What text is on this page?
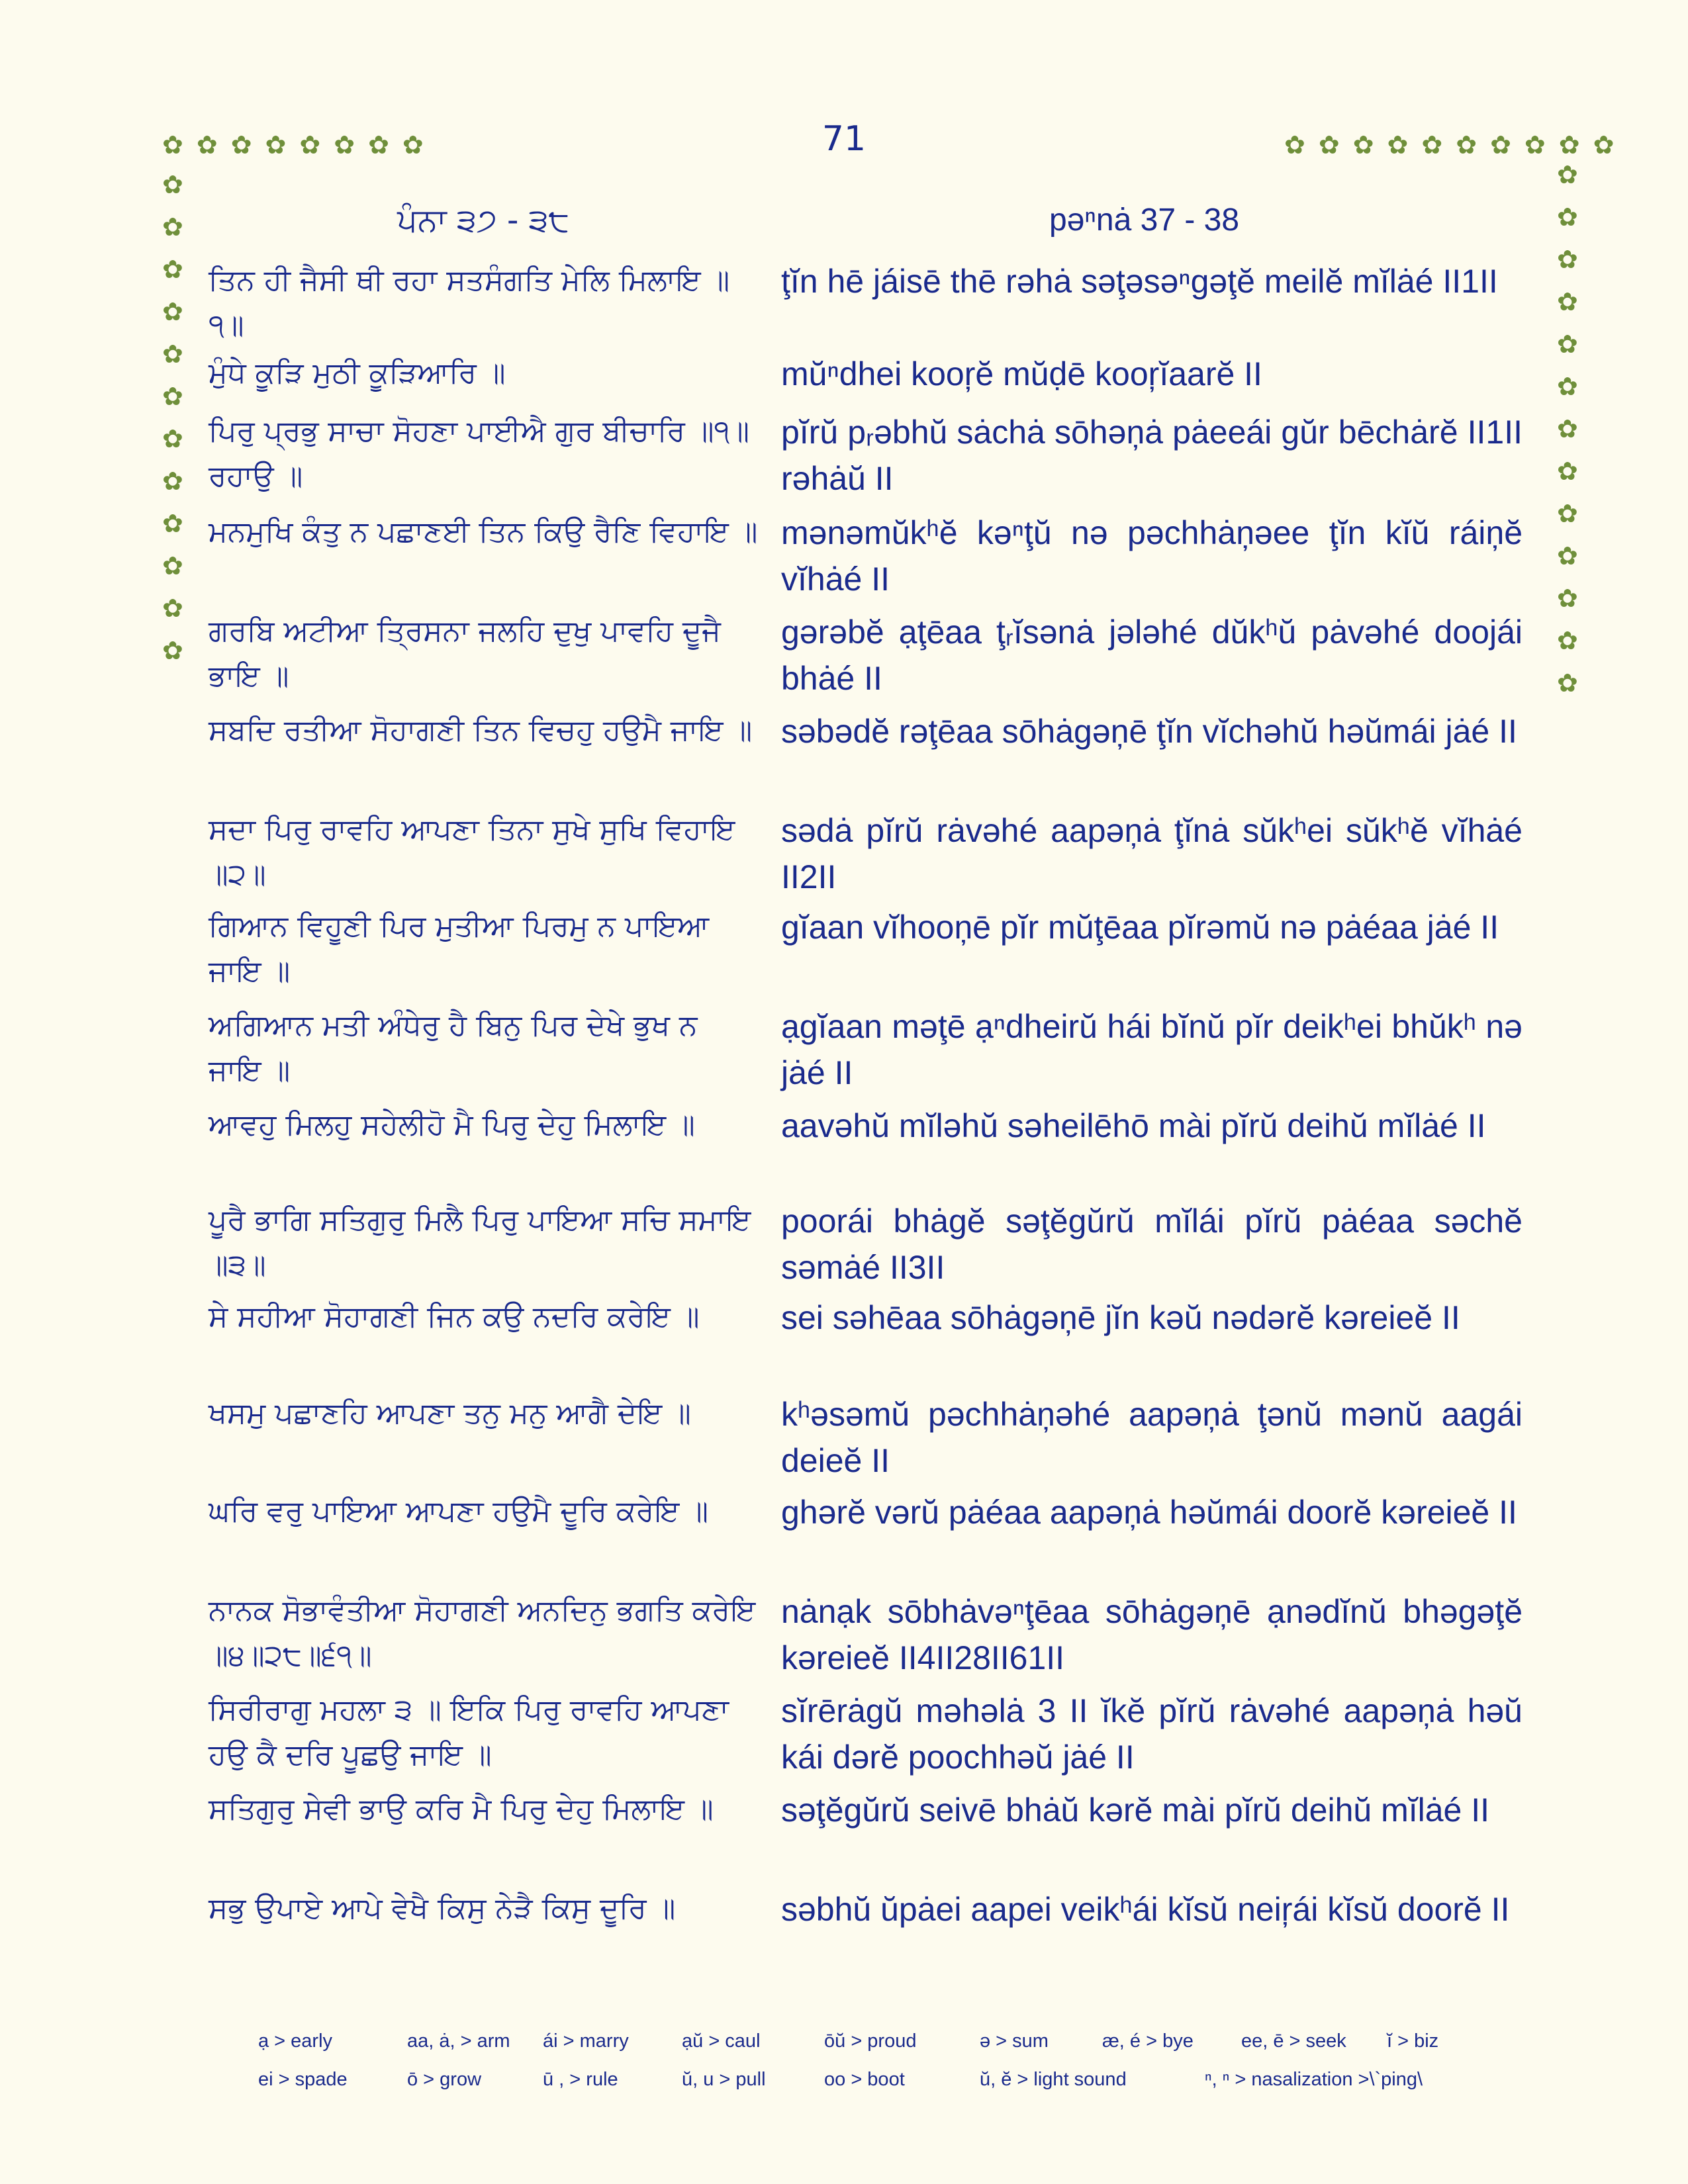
71
✿ ✿ ✿ ✿ ✿ ✿ ✿ ✿	✿ ✿ ✿ ✿ ✿ ✿ ✿ ✿ ✿ ✿
✿
✿
✿
✿
✿
✿
✿
✿
✿
✿
✿
✿
✿
✿
✿
✿
✿
✿
✿
✿
✿
✿
✿
✿
✿
ਪੰਨਾ ੩੭ - ੩੮	pəⁿnȧ 37 - 38
ਤਿਨ ਹੀ ਜੈਸੀ ਥੀ ਰਹਾ ਸਤਸੰਗਤਿ ਮੇਲਿ ਮਿਲਾਇ ॥੧॥
ţĭn hē jáisē thē rəhȧ səţəsəⁿgəţĕ meilĕ mĭlȧé II1II
ਮੁੰਧੇ ਕੂੜਿ ਮੁਠੀ ਕੂੜਿਆਰਿ ॥	mŭⁿdhei kooŗĕ mŭḍē kooŗĭaarĕ II
ਪਿਰੁ ਪ੍ਰਭੁ ਸਾਚਾ ਸੋਹਣਾ ਪਾਈਐ ਗੁਰ ਬੀਚਾਰਿ ॥੧॥ ਰਹਾਉ ॥
pĭrŭ pᵣəbhŭ sȧchȧ sōhəņȧ pȧeeái gŭr bēchȧrĕ II1II rəhȧŭ II
ਮਨਮੁਖਿ ਕੰਤੁ ਨ ਪਛਾਣਈ ਤਿਨ ਕਿਉ ਰੈਣਿ ਵਿਹਾਇ ॥ mənəmŭkʰĕ kəⁿţŭ nə pəchhȧņəee ţĭn kĭŭ ráiņĕ vĭhȧé II
ਗਰਬਿ ਅਟੀਆ ਤ੍ਰਿਸਨਾ ਜਲਹਿ ਦੁਖੁ ਪਾਵਹਿ ਦੂਜੈ ਭਾਇ ॥
gərəbĕ ạţēaa ţᵣĭsənȧ jələhé dŭkʰŭ pȧvəhé doojái bhȧé II
ਸਬਦਿ ਰਤੀਆ ਸੋਹਾਗਣੀ ਤਿਨ ਵਿਚਹੁ ਹਉਮੈ ਜਾਇ ॥ səbədĕ rəţēaa sōhȧgəņē ţĭn vĭchəhŭ həŭmái jȧé II
ਸਦਾ ਪਿਰੁ ਰਾਵਹਿ ਆਪਣਾ ਤਿਨਾ ਸੁਖੇ ਸੁਖਿ ਵਿਹਾਇ ॥੨॥
sədȧ pĭrŭ rȧvəhé aapəņȧ ţĭnȧ sŭkʰei sŭkʰĕ vĭhȧé II2II
ਗਿਆਨ ਵਿਹੂਣੀ ਪਿਰ ਮੁਤੀਆ ਪਿਰਮੁ ਨ ਪਾਇਆ ਜਾਇ ॥
gĭaan vĭhooņē pĭr mŭţēaa pĭrəmŭ nə pȧéaa jȧé II
ਅਗਿਆਨ ਮਤੀ ਅੰਧੇਰੁ ਹੈ ਬਿਨੁ ਪਿਰ ਦੇਖੇ ਭੁਖ ਨ ਜਾਇ ॥
ạgĭaan məţē ạⁿdheirŭ hái bĭnŭ pĭr deikʰei bhŭkʰ nə jȧé II
ਆਵਹੁ ਮਿਲਹੁ ਸਹੇਲੀਹੋ ਮੈ ਪਿਰੁ ਦੇਹੁ ਮਿਲਾਇ ॥	aavəhŭ mĭləhŭ səheilēhō mài pĭrŭ deihŭ mĭlȧé II
ਪੂਰੈ ਭਾਗਿ ਸਤਿਗੁਰੁ ਮਿਲੈ ਪਿਰੁ ਪਾਇਆ ਸਚਿ ਸਮਾਇ ॥੩॥
poorái bhȧgĕ səţĕgŭrŭ mĭlái pĭrŭ pȧéaa səchĕ səmȧé II3II
ਸੇ ਸਹੀਆ ਸੋਹਾਗਣੀ ਜਿਨ ਕਉ ਨਦਰਿ ਕਰੇਇ ॥	sei səhēaa sōhȧgəņē jĭn kəŭ nədərĕ kəreieĕ II
ਖਸਮੁ ਪਛਾਣਹਿ ਆਪਣਾ ਤਨੁ ਮਨੁ ਆਗੈ ਦੇਇ ॥	kʰəsəmŭ pəchhȧņəhé aapəņȧ ţənŭ mənŭ aagái deieĕ II
ਘਰਿ ਵਰੁ ਪਾਇਆ ਆਪਣਾ ਹਉਮੈ ਦੂਰਿ ਕਰੇਇ ॥	ghərĕ vərŭ pȧéaa aapəņȧ həŭmái doorĕ kəreieĕ II
ਨਾਨਕ ਸੋਭਾਵੰਤੀਆ ਸੋਹਾਗਣੀ ਅਨਦਿਨੁ ਭਗਤਿ ਕਰੇਇ ॥੪॥੨੮॥੬੧॥
nȧnạk sōbhȧvəⁿţēaa sōhȧgəņē ạnədĭnŭ bhəgəţĕ kəreieĕ II4II28II61II
ਸਿਰੀਰਾਗੁ ਮਹਲਾ ੩ ॥ ਇਕਿ ਪਿਰੁ ਰਾਵਹਿ ਆਪਣਾ ਹਉ ਕੈ ਦਰਿ ਪੂਛਉ ਜਾਇ ॥
sĭrērȧgŭ məhəlȧ 3 II ĭkĕ pĭrŭ rȧvəhé aapəņȧ həŭ kái dərĕ poochhəŭ jȧé II
ਸਤਿਗੁਰੁ ਸੇਵੀ ਭਾਉ ਕਰਿ ਮੈ ਪਿਰੁ ਦੇਹੁ ਮਿਲਾਇ ॥	səţĕgŭrŭ seivē bhȧŭ kərĕ mài pĭrŭ deihŭ mĭlȧé II
ਸਭੁ ਉਪਾਏ ਆਪੇ ਵੇਖੈ ਕਿਸੁ ਨੇੜੈ ਕਿਸੁ ਦੂਰਿ ॥	səbhŭ ŭpȧei aapei veikʰái kĭsŭ neiŗái kĭsŭ doorĕ II
ạ > early	aa, ȧ, > arm ái > marry	ạŭ > caul	ōŭ > proud	ə > sum	æ, é > bye ee, ē > seek ĭ > biz
ei > spade	ō > grow	ū , > rule	ŭ, u > pull	oo > boot	ŭ, ĕ > light sound	ⁿ, ⁿ > nasalization >\`ping\
